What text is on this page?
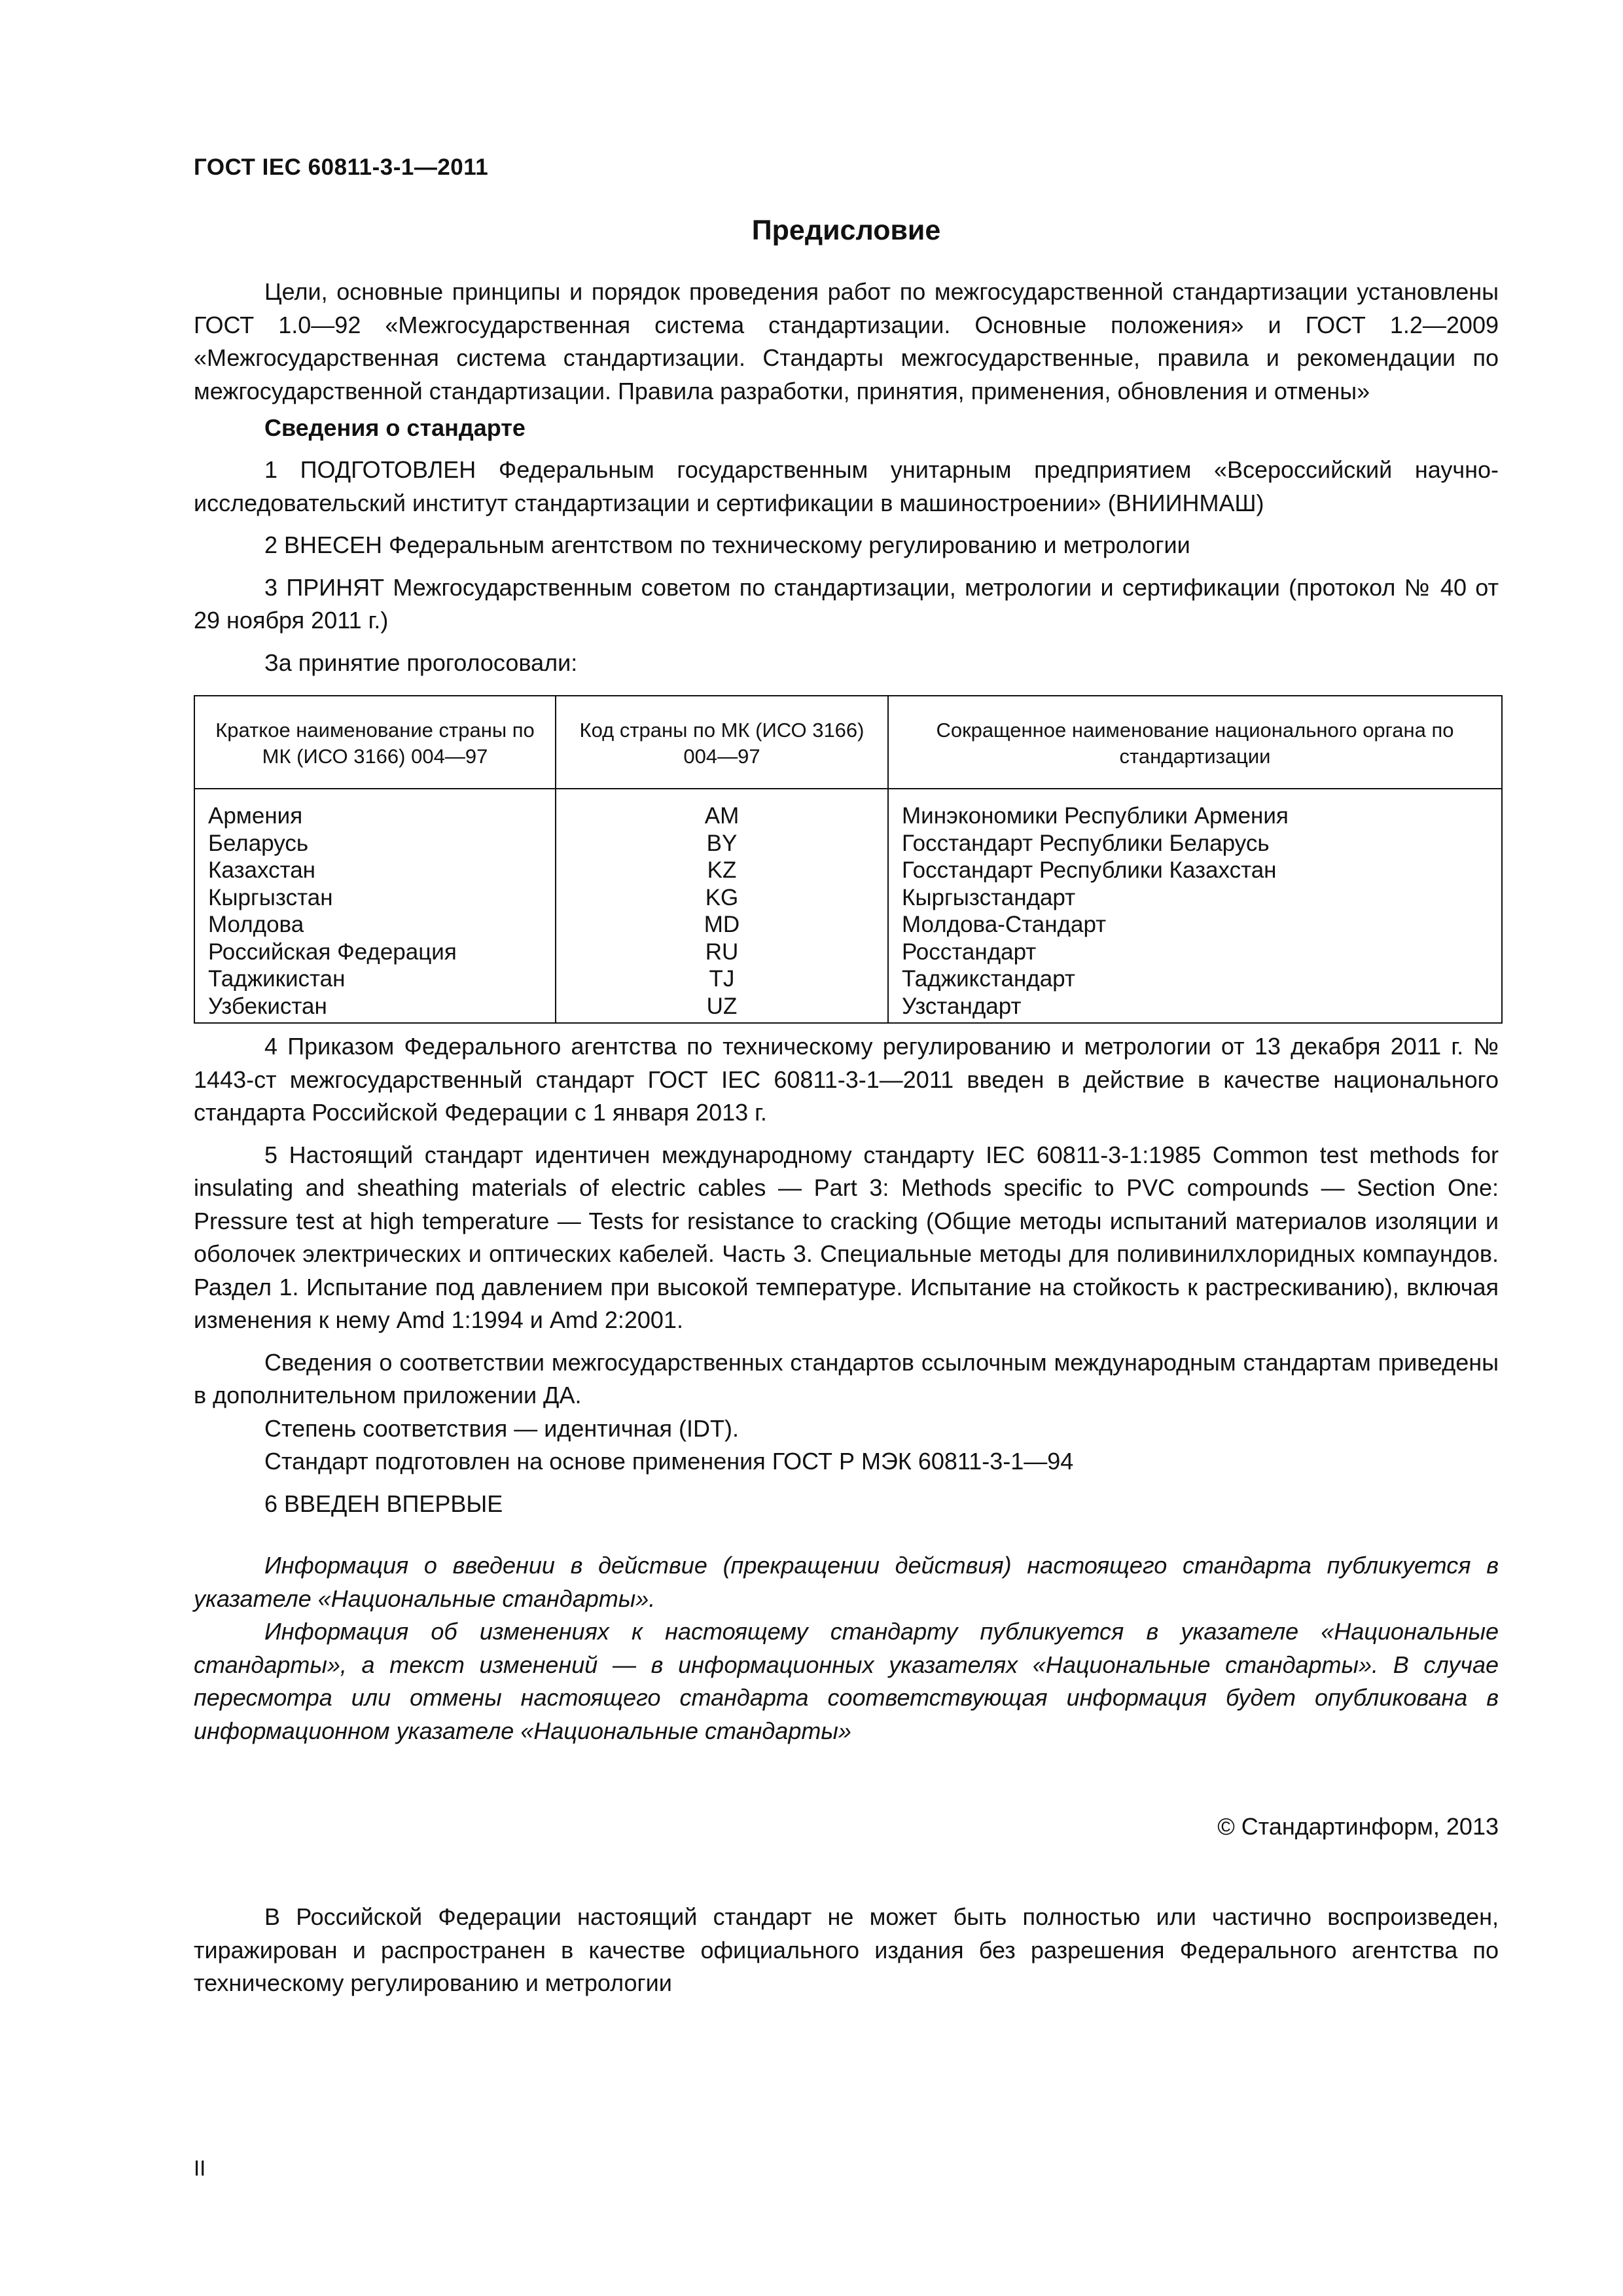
ГОСТ IEC 60811-3-1—2011
Предисловие

Цели, основные принципы и порядок проведения работ по межгосударственной стандартизации установлены ГОСТ 1.0—92 «Межгосударственная система стандартизации. Основные положения» и ГОСТ 1.2—2009 «Межгосударственная система стандартизации. Стандарты межгосударственные, правила и рекомендации по межгосударственной стандартизации. Правила разработки, принятия, применения, обновления и отмены»

Сведения о стандарте

1 ПОДГОТОВЛЕН Федеральным государственным унитарным предприятием «Всероссийский научно-исследовательский институт стандартизации и сертификации в машиностроении» (ВНИИНМАШ)

2 ВНЕСЕН Федеральным агентством по техническому регулированию и метрологии

3 ПРИНЯТ Межгосударственным советом по стандартизации, метрологии и сертификации (протокол № 40 от 29 ноября 2011 г.)

За принятие проголосовали:

Краткое наименование страны по МК (ИСО 3166) 004—97	Код страны по МК (ИСО 3166) 004—97	Сокращенное наименование национального органа по стандартизации
Армения	AM	Минэкономики Республики Армения
Беларусь	BY	Госстандарт Республики Беларусь
Казахстан	KZ	Госстандарт Республики Казахстан
Кыргызстан	KG	Кыргызстандарт
Молдова	MD	Молдова-Стандарт
Российская Федерация	RU	Росстандарт
Таджикистан	TJ	Таджикстандарт
Узбекистан	UZ	Узстандарт

4 Приказом Федерального агентства по техническому регулированию и метрологии от 13 декабря 2011 г. № 1443-ст межгосударственный стандарт ГОСТ IEC 60811-3-1—2011 введен в действие в качестве национального стандарта Российской Федерации с 1 января 2013 г.

5 Настоящий стандарт идентичен международному стандарту IEC 60811-3-1:1985 Common test methods for insulating and sheathing materials of electric cables — Part 3: Methods specific to PVC compounds — Section One: Pressure test at high temperature — Tests for resistance to cracking (Общие методы испытаний материалов изоляции и оболочек электрических и оптических кабелей. Часть 3. Специальные методы для поливинилхлоридных компаундов. Раздел 1. Испытание под давлением при высокой температуре. Испытание на стойкость к растрескиванию), включая изменения к нему Amd 1:1994 и Amd 2:2001.

Сведения о соответствии межгосударственных стандартов ссылочным международным стандартам приведены в дополнительном приложении ДА.

Степень соответствия — идентичная (IDT).

Стандарт подготовлен на основе применения ГОСТ Р МЭК 60811-3-1—94

6 ВВЕДЕН ВПЕРВЫЕ

Информация о введении в действие (прекращении действия) настоящего стандарта публикуется в указателе «Национальные стандарты».

Информация об изменениях к настоящему стандарту публикуется в указателе «Национальные стандарты», а текст изменений — в информационных указателях «Национальные стандарты». В случае пересмотра или отмены настоящего стандарта соответствующая информация будет опубликована в информационном указателе «Национальные стандарты»

© Стандартинформ, 2013

В Российской Федерации настоящий стандарт не может быть полностью или частично воспроизведен, тиражирован и распространен в качестве официального издания без разрешения Федерального агентства по техническому регулированию и метрологии

II
